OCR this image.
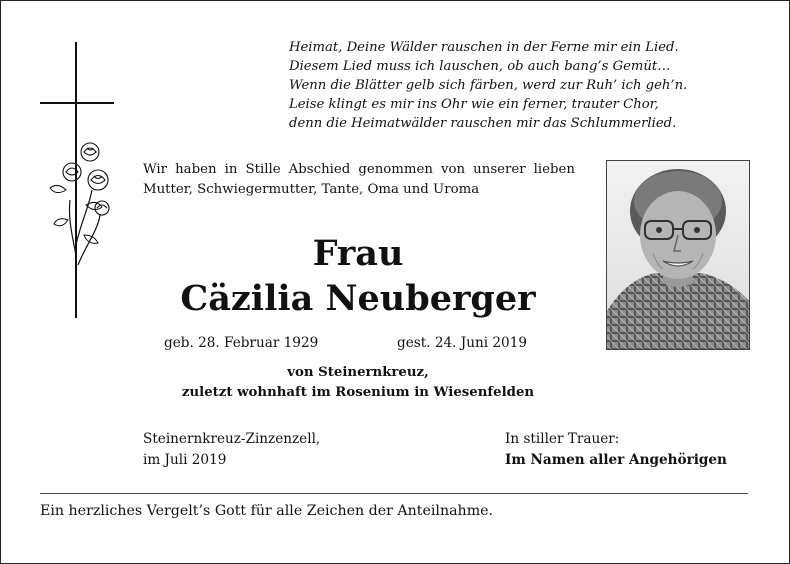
Heimat, Deine Wälder rauschen in der Ferne mir ein Lied.
Diesem Lied muss ich lauschen, ob auch bang’s Gemüt…
Wenn die Blätter gelb sich färben, werd zur Ruh’ ich geh’n.
Leise klingt es mir ins Ohr wie ein ferner, trauter Chor,
denn die Heimatwälder rauschen mir das Schlummerlied.
Wir haben in Stille Abschied genommen von unserer lieben Mutter, Schwiegermutter, Tante, Oma und Uroma
Frau
Cäzilia Neuberger
geb. 28. Februar 1929	gest. 24. Juni 2019
von Steinernkreuz,
zuletzt wohnhaft im Rosenium in Wiesenfelden
Steinernkreuz-Zinzenzell,
im Juli 2019
In stiller Trauer:
Im Namen aller Angehörigen
Ein herzliches Vergelt’s Gott für alle Zeichen der Anteilnahme.
